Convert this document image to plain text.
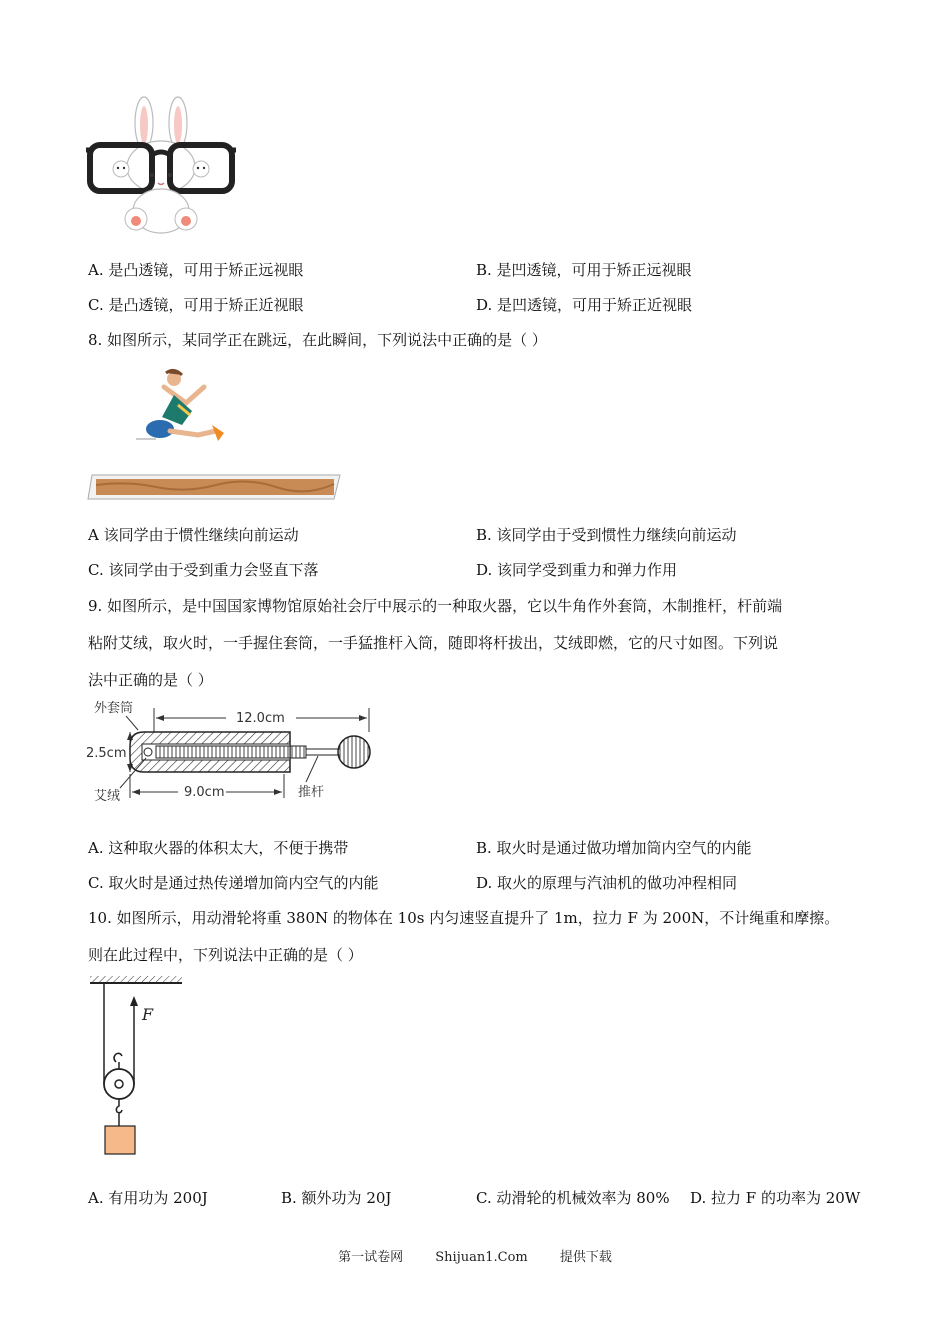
A. 是凸透镜，可用于矫正远视眼	B. 是凹透镜，可用于矫正远视眼
C. 是凸透镜，可用于矫正近视眼	D. 是凹透镜，可用于矫正近视眼
8. 如图所示，某同学正在跳远，在此瞬间，下列说法中正确的是（ ）
A 该同学由于惯性继续向前运动	B. 该同学由于受到惯性力继续向前运动
C. 该同学由于受到重力会竖直下落	D. 该同学受到重力和弹力作用
9. 如图所示，是中国国家博物馆原始社会厅中展示的一种取火器，它以牛角作外套筒，木制推杆，杆前端
粘附艾绒，取火时，一手握住套筒，一手猛推杆入筒，随即将杆拔出，艾绒即燃，它的尺寸如图。下列说
法中正确的是（ ）
外套筒
12.0cm
2.5cm
9.0cm
艾绒	推杆
A. 这种取火器的体积太大，不便于携带	B. 取火时是通过做功增加筒内空气的内能
C. 取火时是通过热传递增加筒内空气的内能	D. 取火的原理与汽油机的做功冲程相同
10. 如图所示，用动滑轮将重 380N 的物体在 10s 内匀速竖直提升了 1m，拉力 F 为 200N，不计绳重和摩擦。
则在此过程中，下列说法中正确的是（ ）
F
A. 有用功为 200J	B. 额外功为 20J	C. 动滑轮的机械效率为 80% D. 拉力 F 的功率为 20W
第一试卷网 Shijuan1.Com 提供下载
